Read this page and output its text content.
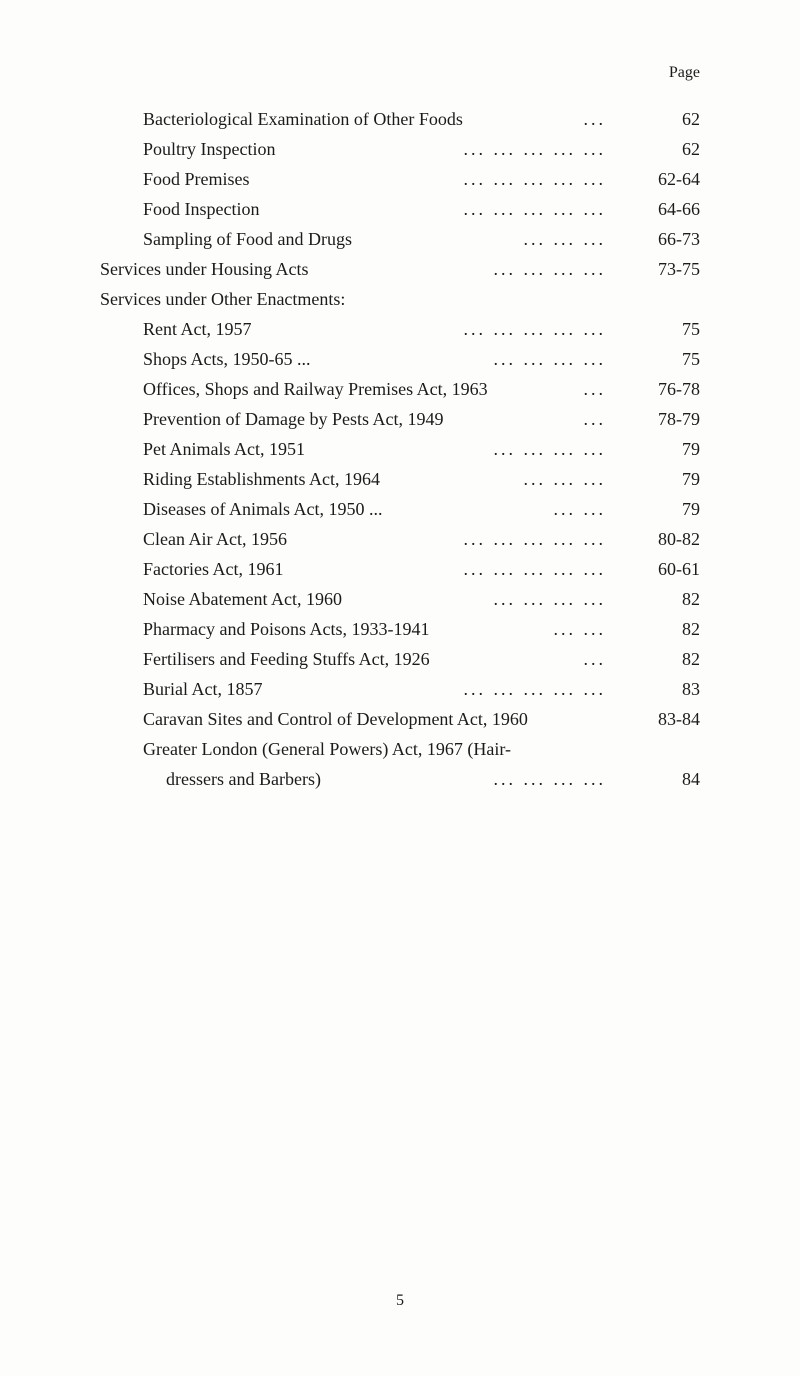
Page
Bacteriological Examination of Other Foods	...	62
Poultry Inspection	... ... ... ... ...	62
Food Premises	... ... ... ... ...	62-64
Food Inspection	... ... ... ... ...	64-66
Sampling of Food and Drugs	... ... ...	66-73
Services under Housing Acts	... ... ... ...	73-75
Services under Other Enactments:
Rent Act, 1957	... ... ... ... ...	75
Shops Acts, 1950-65 ...	... ... ... ...	75
Offices, Shops and Railway Premises Act, 1963	...	76-78
Prevention of Damage by Pests Act, 1949	...	78-79
Pet Animals Act, 1951	... ... ... ...	79
Riding Establishments Act, 1964	... ... ...	79
Diseases of Animals Act, 1950 ...	... ...	79
Clean Air Act, 1956	... ... ... ... ...	80-82
Factories Act, 1961	... ... ... ... ...	60-61
Noise Abatement Act, 1960	... ... ... ...	82
Pharmacy and Poisons Acts, 1933-1941	... ...	82
Fertilisers and Feeding Stuffs Act, 1926	...	82
Burial Act, 1857	... ... ... ... ...	83
Caravan Sites and Control of Development Act, 1960	83-84
Greater London (General Powers) Act, 1967 (Hair-
dressers and Barbers)	... ... ... ...	84
5
